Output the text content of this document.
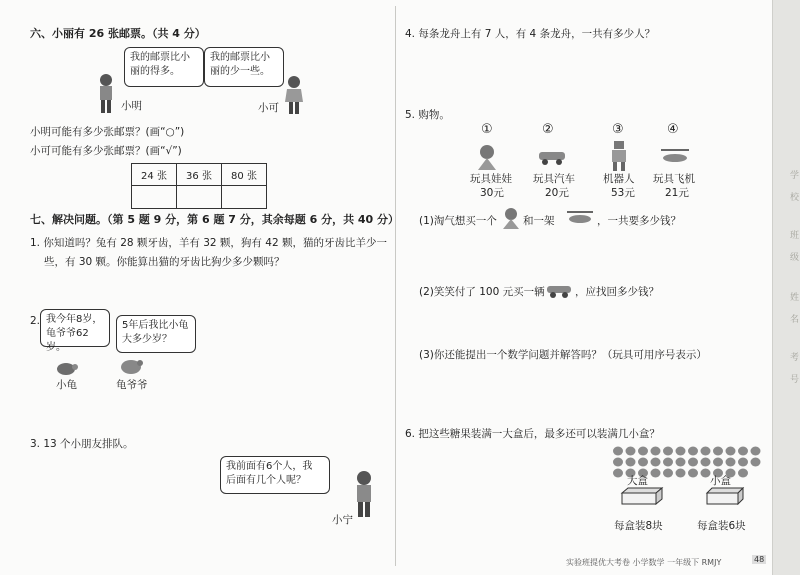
六、小丽有 26 张邮票。（共 4 分）
我的邮票比小
丽的得多。
我的邮票比小
丽的少一些。
小明	小可
小明可能有多少张邮票？(画“○”)
小可可能有多少张邮票？(画“√”)
24 张	36 张	80 张

七、解决问题。（第 5 题 9 分，第 6 题 7 分，其余每题 6 分，共 40 分）
1. 你知道吗？兔有 28 颗牙齿，羊有 32 颗，狗有 42 颗，猫的牙齿比羊少一
些，有 30 颗。你能算出猫的牙齿比狗少多少颗吗？
2. 我今年8岁，
龟爷爷62岁。
5年后我比小龟
大多少岁？
小龟	龟爷爷
3. 13 个小朋友排队。
我前面有6个人，我
后面有几个人呢？
小宁
4. 每条龙舟上有 7 人，有 4 条龙舟，一共有多少人？
5. 购物。
①	②	③	④
玩具娃娃 玩具汽车	机器人 玩具飞机
30元	20元	53元	21元
(1)淘气想买一个 和一架	，一共要多少钱？
(2)笑笑付了 100 元买一辆	，应找回多少钱？
(3)你还能提出一个数学问题并解答吗？（玩具可用序号表示）
6. 把这些糖果装满一大盒后，最多还可以装满几小盒？
大盒	小盒
每盒装8块	每盒装6块
实验班提优大考卷 小学数学 一年级下 RMJY	48
学
校
班
级
姓
名
考
号
